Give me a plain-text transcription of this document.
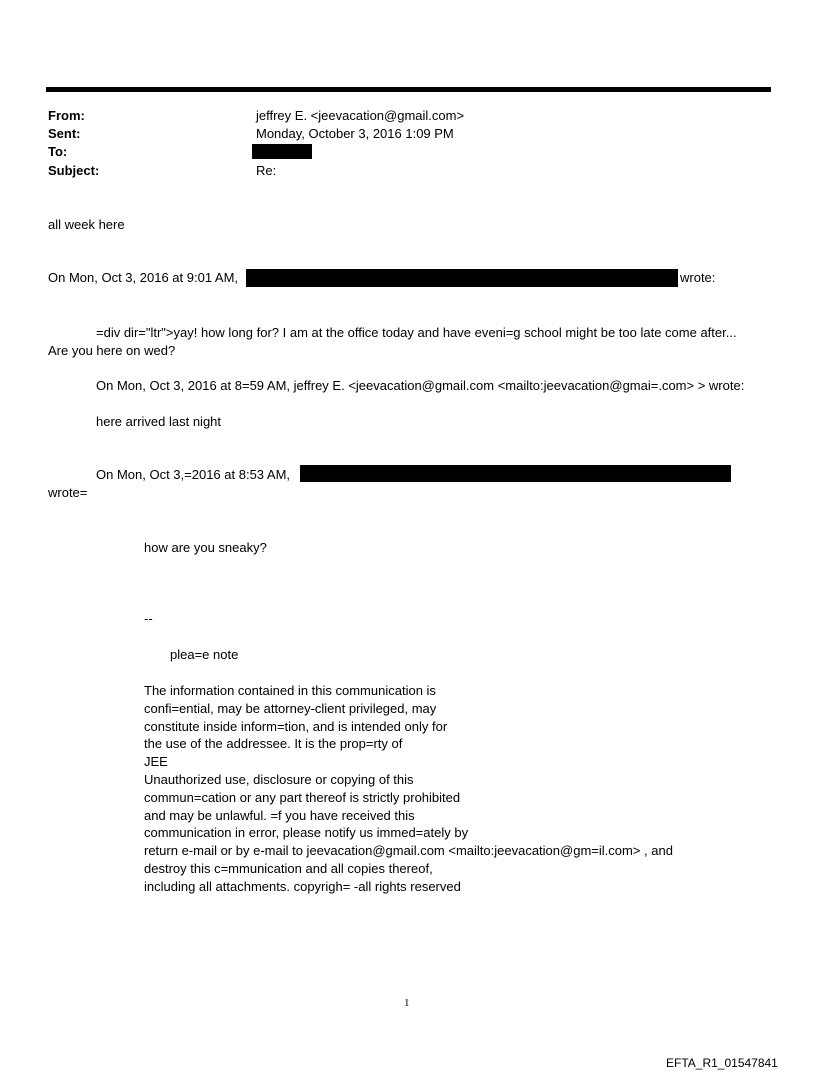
From:	jeffrey E. <jeevacation@gmail.com>
Sent:	Monday, October 3, 2016 1:09 PM
To:
Subject:	Re:
all week here
On Mon, Oct 3, 2016 at 9:01 AM,	wrote:
=div dir="ltr">yay! how long for? I am at the office today and have eveni=g school might be too late come after...
Are you here on wed?
On Mon, Oct 3, 2016 at 8=59 AM, jeffrey E. <jeevacation@gmail.com <mailto:jeevacation@gmai=.com> > wrote:
here arrived last night
On Mon, Oct 3,=2016 at 8:53 AM,
wrote=
how are you sneaky?
--
plea=e note
The information contained in this communication is
confi=ential, may be attorney-client privileged, may
constitute inside inform=tion, and is intended only for
the use of the addressee. It is the prop=rty of
JEE
Unauthorized use, disclosure or copying of this
commun=cation or any part thereof is strictly prohibited
and may be unlawful. =f you have received this
communication in error, please notify us immed=ately by
return e-mail or by e-mail to jeevacation@gmail.com <mailto:jeevacation@gm=il.com> , and
destroy this c=mmunication and all copies thereof,
including all attachments. copyrigh= -all rights reserved
1
EFTA_R1_01547841
